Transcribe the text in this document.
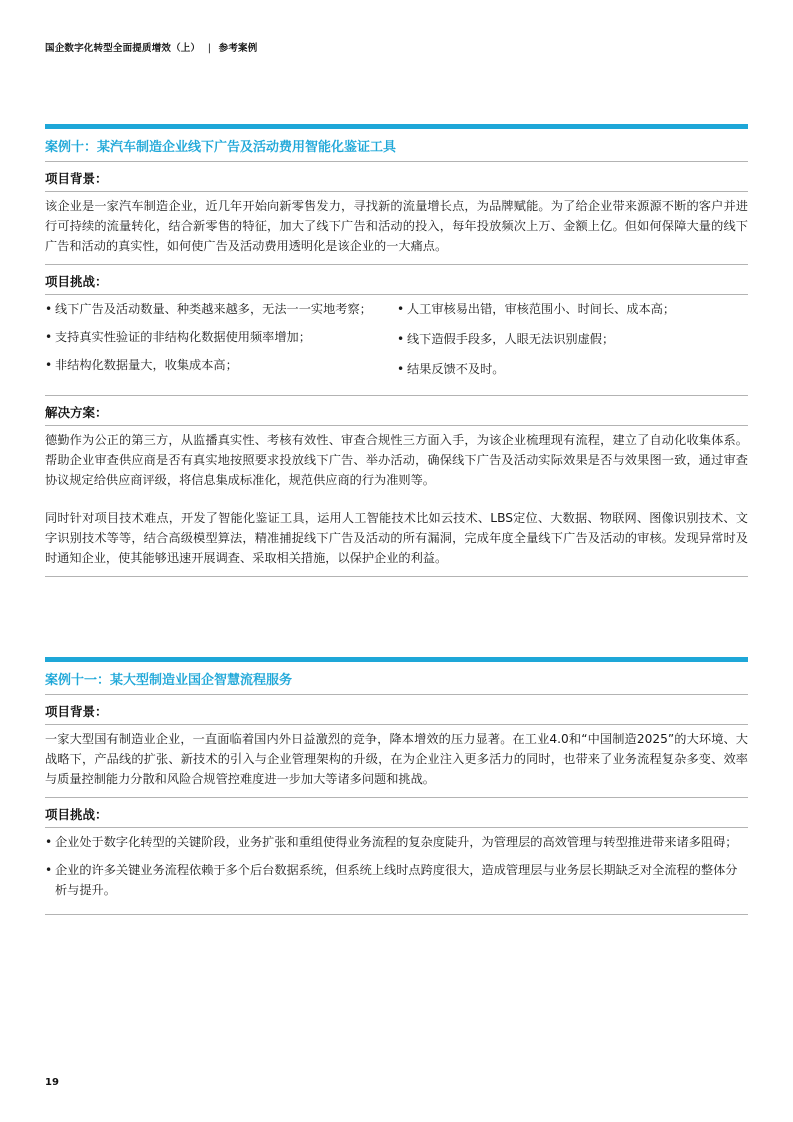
国企数字化转型全面提质增效（上） | 参考案例
案例十：某汽车制造企业线下广告及活动费用智能化鉴证工具
项目背景：
该企业是一家汽车制造企业，近几年开始向新零售发力，寻找新的流量增长点，为品牌赋能。为了给企业带来源源不断的客户并进行可持续的流量转化，结合新零售的特征，加大了线下广告和活动的投入，每年投放频次上万、金额上亿。但如何保障大量的线下广告和活动的真实性，如何使广告及活动费用透明化是该企业的一大痛点。
项目挑战：
• 线下广告及活动数量、种类越来越多，无法一一实地考察；
• 支持真实性验证的非结构化数据使用频率增加；
• 非结构化数据量大，收集成本高；
• 人工审核易出错，审核范围小、时间长、成本高；
• 线下造假手段多，人眼无法识别虚假；
• 结果反馈不及时。
解决方案：
德勤作为公正的第三方，从监播真实性、考核有效性、审查合规性三方面入手，为该企业梳理现有流程，建立了自动化收集体系。帮助企业审查供应商是否有真实地按照要求投放线下广告、举办活动，确保线下广告及活动实际效果是否与效果图一致，通过审查协议规定给供应商评级，将信息集成标准化，规范供应商的行为准则等。
同时针对项目技术难点，开发了智能化鉴证工具，运用人工智能技术比如云技术、LBS定位、大数据、物联网、图像识别技术、文字识别技术等等，结合高级模型算法，精准捕捉线下广告及活动的所有漏洞，完成年度全量线下广告及活动的审核。发现异常时及时通知企业，使其能够迅速开展调查、采取相关措施，以保护企业的利益。
案例十一：某大型制造业国企智慧流程服务
项目背景：
一家大型国有制造业企业，一直面临着国内外日益激烈的竞争，降本增效的压力显著。在工业4.0和“中国制造2025”的大环境、大战略下，产品线的扩张、新技术的引入与企业管理架构的升级，在为企业注入更多活力的同时，也带来了业务流程复杂多变、效率与质量控制能力分散和风险合规管控难度进一步加大等诸多问题和挑战。
项目挑战：
• 企业处于数字化转型的关键阶段，业务扩张和重组使得业务流程的复杂度陡升，为管理层的高效管理与转型推进带来诸多阻碍；
• 企业的许多关键业务流程依赖于多个后台数据系统，但系统上线时点跨度很大，造成管理层与业务层长期缺乏对全流程的整体分析与提升。
19
